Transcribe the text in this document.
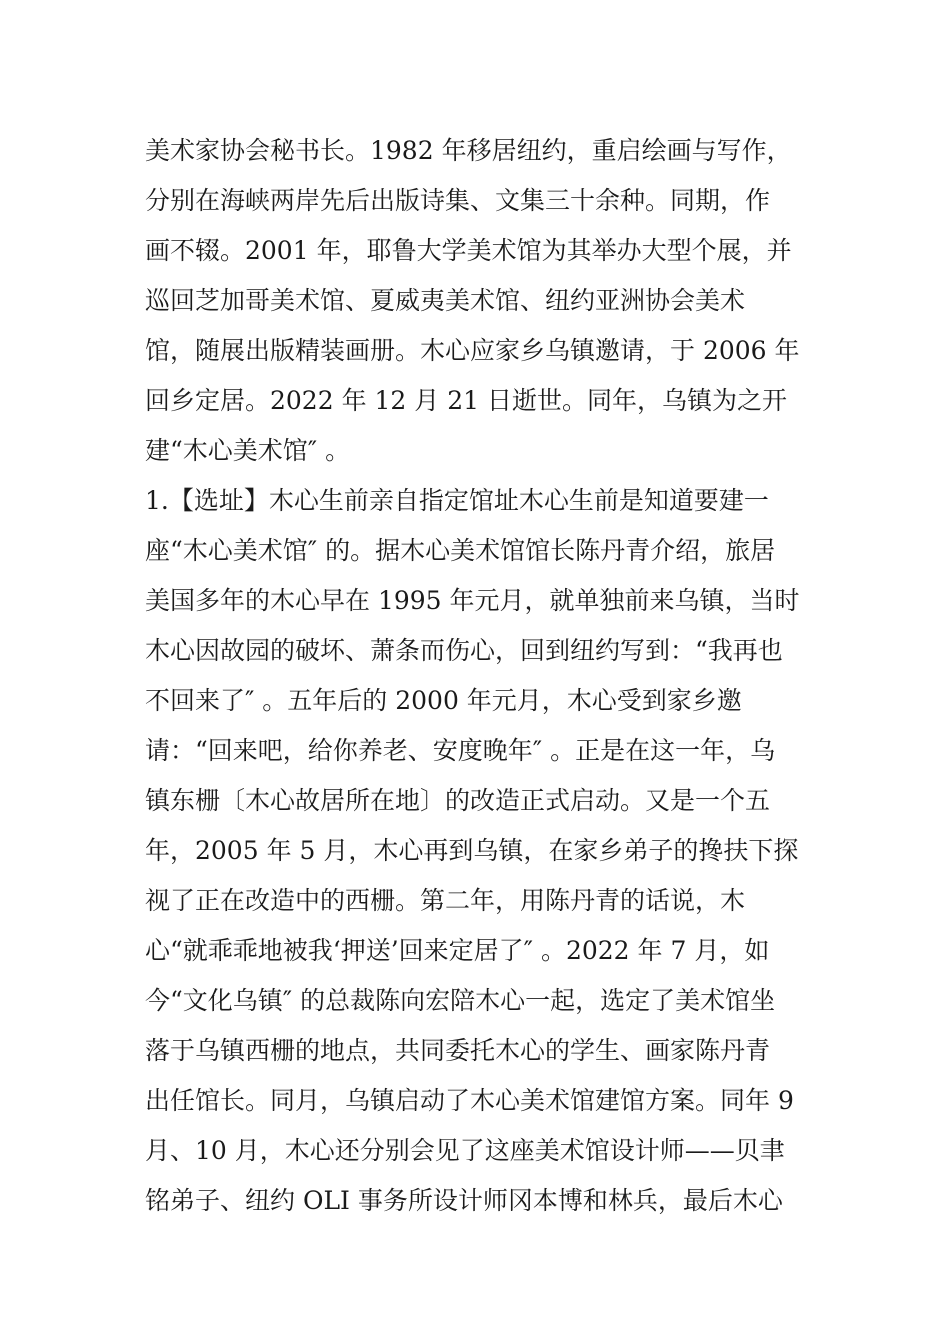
美术家协会秘书长。1982 年移居纽约，重启绘画与写作，
分别在海峡两岸先后出版诗集、文集三十余种。同期，作
画不辍。2001 年，耶鲁大学美术馆为其举办大型个展，并
巡回芝加哥美术馆、夏威夷美术馆、纽约亚洲协会美术
馆，随展出版精装画册。木心应家乡乌镇邀请，于 2006 年
回乡定居。2022 年 12 月 21 日逝世。同年，乌镇为之开
建“木心美术馆″ 。
1.【选址】木心生前亲自指定馆址木心生前是知道要建一
座“木心美术馆″ 的。据木心美术馆馆长陈丹青介绍，旅居
美国多年的木心早在 1995 年元月，就单独前来乌镇，当时
木心因故园的破坏、萧条而伤心，回到纽约写到：“我再也
不回来了″ 。五年后的 2000 年元月，木心受到家乡邀
请：“回来吧，给你养老、安度晚年″ 。正是在这一年，乌
镇东栅〔木心故居所在地〕的改造正式启动。又是一个五
年，2005 年 5 月，木心再到乌镇，在家乡弟子的搀扶下探
视了正在改造中的西栅。第二年，用陈丹青的话说，木
心“就乖乖地被我‘押送’回来定居了″ 。2022 年 7 月，如
今“文化乌镇″ 的总裁陈向宏陪木心一起，选定了美术馆坐
落于乌镇西栅的地点，共同委托木心的学生、画家陈丹青
出任馆长。同月，乌镇启动了木心美术馆建馆方案。同年 9
月、10 月，木心还分别会见了这座美术馆设计师——贝聿
铭弟子、纽约 OLI 事务所设计师冈本博和林兵，最后木心
